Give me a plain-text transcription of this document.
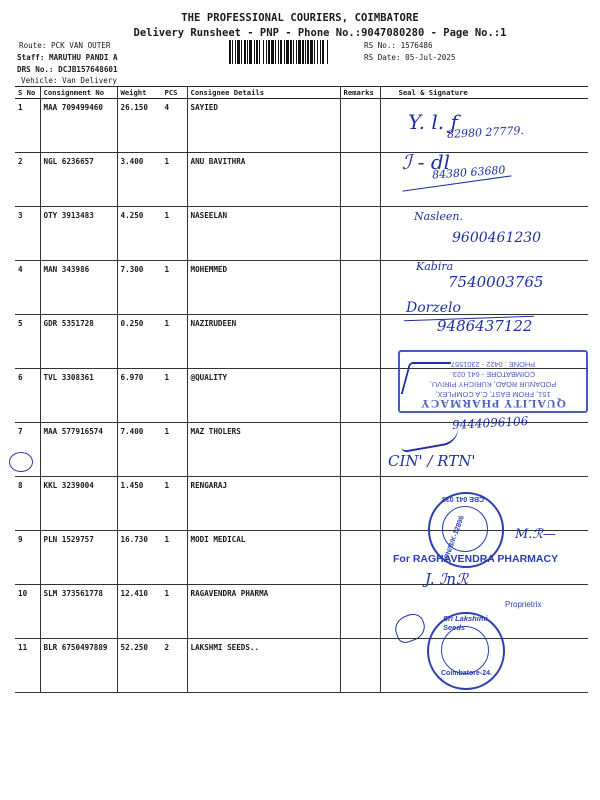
THE PROFESSIONAL COURIERS, COIMBATORE
Delivery Runsheet - PNP - Phone No.:9047080280 - Page No.:1
Route: PCK VAN OUTER
Staff: MARUTHU PANDI A
DRS No.: DCJB157648601
Vehicle: Van Delivery
RS No.: 1576486
RS Date: 05-Jul-2025
S No	Consignment No	Weight PCS	Consignee Details	Remarks	Seal & Signature
1	MAA 709499460	26.150 4	SAYIED		
2	NGL 6236657	3.400 1	ANU BAVITHRA		
3	OTY 3913483	4.250 1	NASEELAN		
4	MAN 343986	7.300 1	MOHEMMED		
5	GDR 5351728	0.250 1	NAZIRUDEEN		
6	TVL 3308361	6.970 1	@QUALITY		
7	MAA 577916574	7.400 1	MAZ THOLERS		
8	KKL 3239004	1.450 1	RENGARAJ		
9	PLN 1529757	16.730 1	MODI MEDICAL		
10	SLM 373561778	12.410 1	RAGAVENDRA PHARMA		
11	BLR 6750497889	52.250 2	LAKSHMI SEEDS..		
Y. l. ƒ
82980 27779.
ℐ - dl
84380 63680
Nasleen.
9600461230
Kabira
7540003765
Dorzelo
9486437122
QUALITY PHARMACY
151, FROM EAST, C.A COMPLEX,
PODANUR ROAD, KURICHY PIRIVU,
COIMBATORE - 641 023.
PHONE : 0422 - 2301557
9444096106
CIN' / RTN'
CBE 041 023
PN/B/K-12896	M.ℛ—
For RAGHAVENDRA PHARMACY
J. ℐnℛ
Proprietrix
Sri Lakshimi Seeds
Coimbatore-24.
